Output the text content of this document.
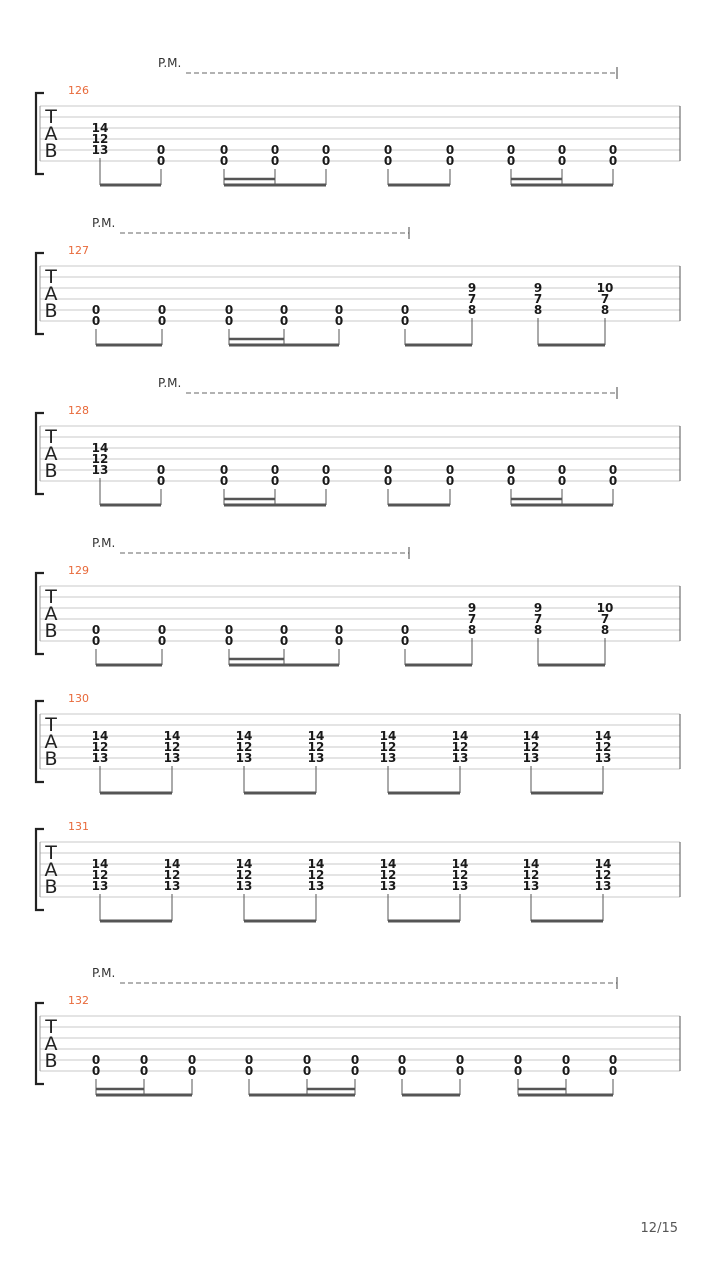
T
A
B
126
P.M.
14
12
13	0
0
0
0
0
0
0
0
0
0
0
0
0
0
0
0
0
0
T
A
B
127
P.M.
0
0
0
0
0
0
0
0
0
0
0
0
9
7
8
9
7
8
10
7
8
T
A
B
128
P.M.
14
12
13	0
0
0
0
0
0
0
0
0
0
0
0
0
0
0
0
0
0
T
A
B
129
P.M.
0
0
0
0
0
0
0
0
0
0
0
0
9
7
8
9
7
8
10
7
8
T
A
B
130
14
12
13
14
12
13
14
12
13
14
12
13
14
12
13
14
12
13
14
12
13
14
12
13
T
A
B
131
14
12
13
14
12
13
14
12
13
14
12
13
14
12
13
14
12
13
14
12
13
14
12
13
T
A
B
132
P.M.
0
0
0
0
0
0
0
0
0
0
0
0
0
0
0
0
0
0
0
0
0
0
12/15
